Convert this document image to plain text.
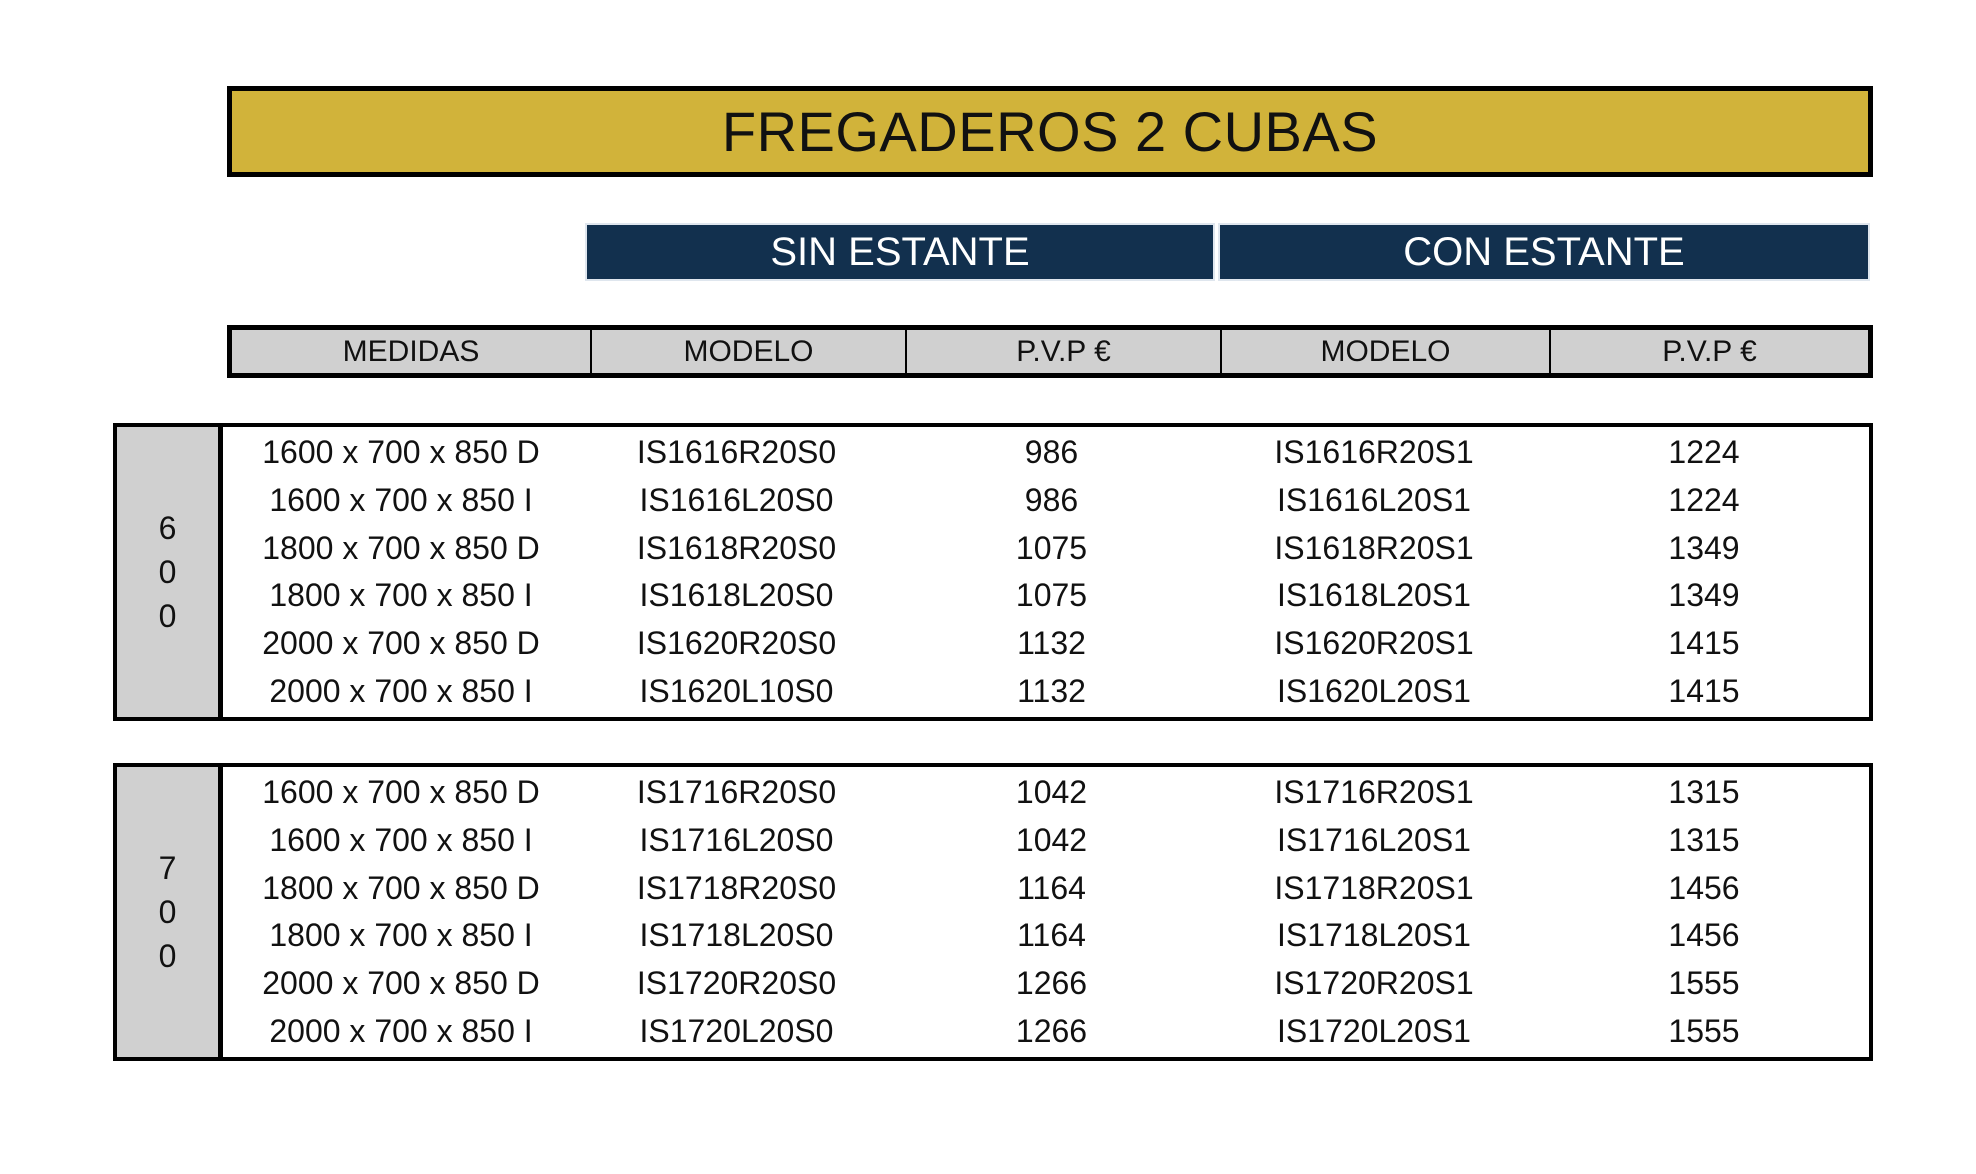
FREGADEROS 2 CUBAS
SIN ESTANTE	CON ESTANTE
MEDIDAS	MODELO	P.V.P €	MODELO	P.V.P €
6
0
0
1600 x 700 x 850 D	IS1616R20S0	986	IS1616R20S1	1224
1600 x 700 x 850 I	IS1616L20S0	986	IS1616L20S1	1224
1800 x 700 x 850 D	IS1618R20S0	1075	IS1618R20S1	1349
1800 x 700 x 850 I	IS1618L20S0	1075	IS1618L20S1	1349
2000 x 700 x 850 D	IS1620R20S0	1132	IS1620R20S1	1415
2000 x 700 x 850 I	IS1620L10S0	1132	IS1620L20S1	1415
7
0
0
1600 x 700 x 850 D	IS1716R20S0	1042	IS1716R20S1	1315
1600 x 700 x 850 I	IS1716L20S0	1042	IS1716L20S1	1315
1800 x 700 x 850 D	IS1718R20S0	1164	IS1718R20S1	1456
1800 x 700 x 850 I	IS1718L20S0	1164	IS1718L20S1	1456
2000 x 700 x 850 D	IS1720R20S0	1266	IS1720R20S1	1555
2000 x 700 x 850 I	IS1720L20S0	1266	IS1720L20S1	1555
